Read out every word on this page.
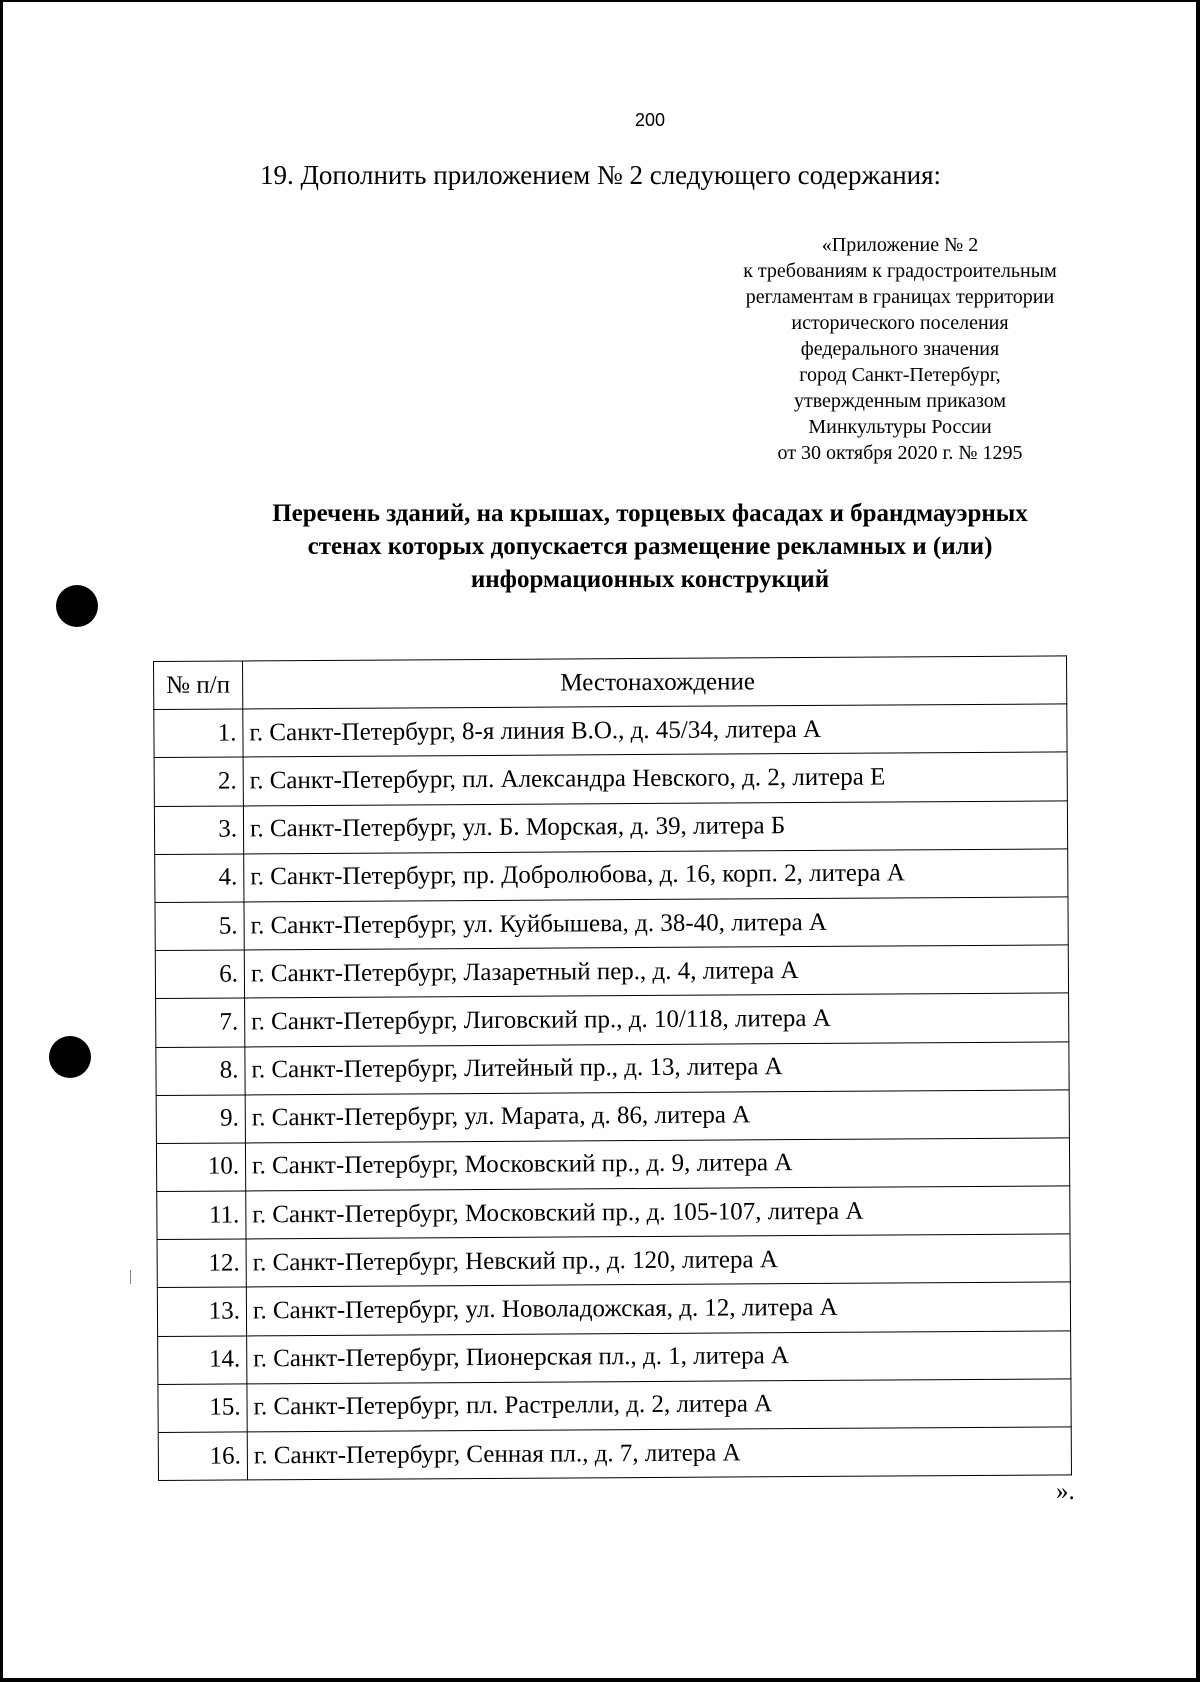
200
19. Дополнить приложением № 2 следующего содержания:
«Приложение № 2
к требованиям к градостроительным
регламентам в границах территории
исторического поселения
федерального значения
город Санкт-Петербург,
утвержденным приказом
Минкультуры России
от 30 октября 2020 г. № 1295
Перечень зданий, на крышах, торцевых фасадах и брандмауэрных
стенах которых допускается размещение рекламных и (или)
информационных конструкций
№ п/п	Местонахождение
1.	г. Санкт-Петербург, 8-я линия В.О., д. 45/34, литера А
2.	г. Санкт-Петербург, пл. Александра Невского, д. 2, литера Е
3.	г. Санкт-Петербург, ул. Б. Морская, д. 39, литера Б
4.	г. Санкт-Петербург, пр. Добролюбова, д. 16, корп. 2, литера А
5.	г. Санкт-Петербург, ул. Куйбышева, д. 38-40, литера А
6.	г. Санкт-Петербург, Лазаретный пер., д. 4, литера А
7.	г. Санкт-Петербург, Лиговский пр., д. 10/118, литера А
8.	г. Санкт-Петербург, Литейный пр., д. 13, литера А
9.	г. Санкт-Петербург, ул. Марата, д. 86, литера А
10.	г. Санкт-Петербург, Московский пр., д. 9, литера А
11.	г. Санкт-Петербург, Московский пр., д. 105-107, литера А
12.	г. Санкт-Петербург, Невский пр., д. 120, литера А
13.	г. Санкт-Петербург, ул. Новоладожская, д. 12, литера А
14.	г. Санкт-Петербург, Пионерская пл., д. 1, литера А
15.	г. Санкт-Петербург, пл. Растрелли, д. 2, литера А
16.	г. Санкт-Петербург, Сенная пл., д. 7, литера А
».
